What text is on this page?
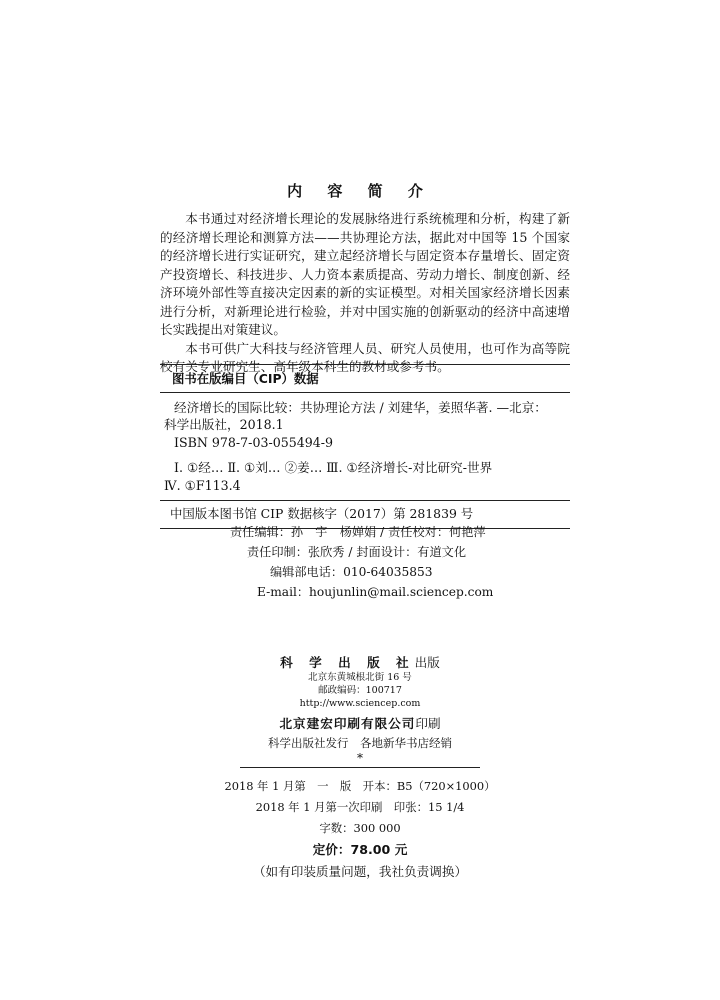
内 容 简 介

本书通过对经济增长理论的发展脉络进行系统梳理和分析，构建了新的经济增长理论和测算方法——共协理论方法，据此对中国等 15 个国家的经济增长进行实证研究，建立起经济增长与固定资本存量增长、固定资产投资增长、科技进步、人力资本素质提高、劳动力增长、制度创新、经济环境外部性等直接决定因素的新的实证模型。对相关国家经济增长因素进行分析，对新理论进行检验，并对中国实施的创新驱动的经济中高速增长实践提出对策建议。

本书可供广大科技与经济管理人员、研究人员使用，也可作为高等院校有关专业研究生、高年级本科生的教材或参考书。

图书在版编目（CIP）数据
经济增长的国际比较：共协理论方法 / 刘建华，姜照华著. —北京：
科学出版社，2018.1
ISBN 978-7-03-055494-9
Ⅰ. ①经… Ⅱ. ①刘… ②姜… Ⅲ. ①经济增长-对比研究-世界
Ⅳ. ①F113.4
中国版本图书馆 CIP 数据核字（2017）第 281839 号
责任编辑：孙　宇　杨婵娟 / 责任校对：何艳萍
责任印制：张欣秀 / 封面设计：有道文化
编辑部电话：010-64035853
E-mail：houjunlin@mail.sciencep.com
科 学 出 版 社出版
北京东黄城根北街 16 号
邮政编码：100717
http://www.sciencep.com
北京建宏印刷有限公司印刷
科学出版社发行　各地新华书店经销
*
2018 年 1 月第　一　版　开本：B5（720×1000）
2018 年 1 月第一次印刷　印张：15 1/4
字数：300 000
定价：78.00 元
（如有印装质量问题，我社负责调换）
